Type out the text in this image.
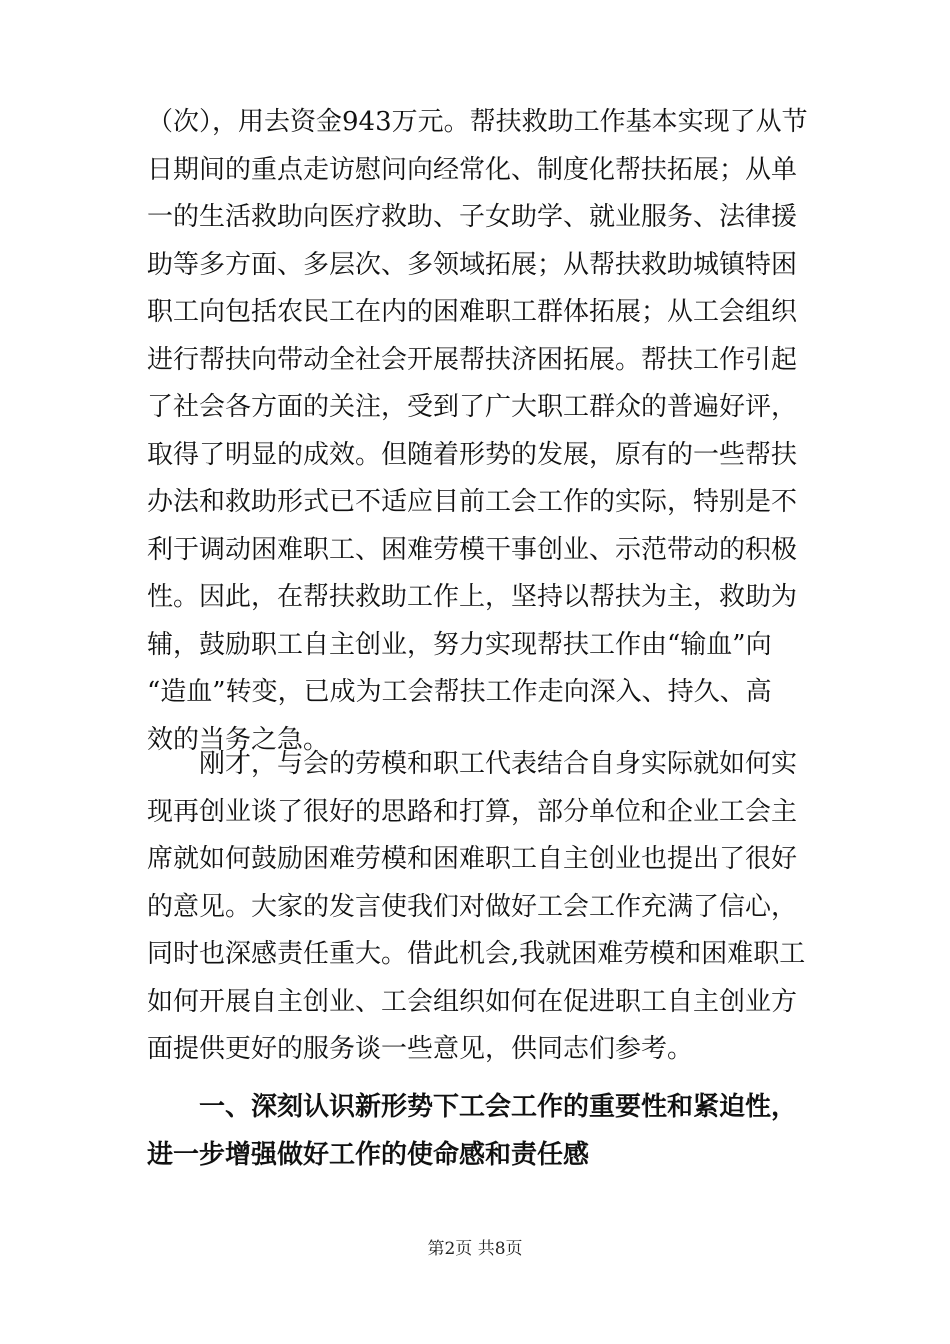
（次），用去资金943万元。帮扶救助工作基本实现了从节
日期间的重点走访慰问向经常化、制度化帮扶拓展；从单
一的生活救助向医疗救助、子女助学、就业服务、法律援
助等多方面、多层次、多领域拓展；从帮扶救助城镇特困
职工向包括农民工在内的困难职工群体拓展；从工会组织
进行帮扶向带动全社会开展帮扶济困拓展。帮扶工作引起
了社会各方面的关注，受到了广大职工群众的普遍好评，
取得了明显的成效。但随着形势的发展，原有的一些帮扶
办法和救助形式已不适应目前工会工作的实际，特别是不
利于调动困难职工、困难劳模干事创业、示范带动的积极
性。因此，在帮扶救助工作上，坚持以帮扶为主，救助为
辅，鼓励职工自主创业，努力实现帮扶工作由“输血”向
“造血”转变，已成为工会帮扶工作走向深入、持久、高
效的当务之急。
刚才，与会的劳模和职工代表结合自身实际就如何实
现再创业谈了很好的思路和打算，部分单位和企业工会主
席就如何鼓励困难劳模和困难职工自主创业也提出了很好
的意见。大家的发言使我们对做好工会工作充满了信心，
同时也深感责任重大。借此机会,我就困难劳模和困难职工
如何开展自主创业、工会组织如何在促进职工自主创业方
面提供更好的服务谈一些意见，供同志们参考。
一、深刻认识新形势下工会工作的重要性和紧迫性，
进一步增强做好工作的使命感和责任感
第2页 共8页
